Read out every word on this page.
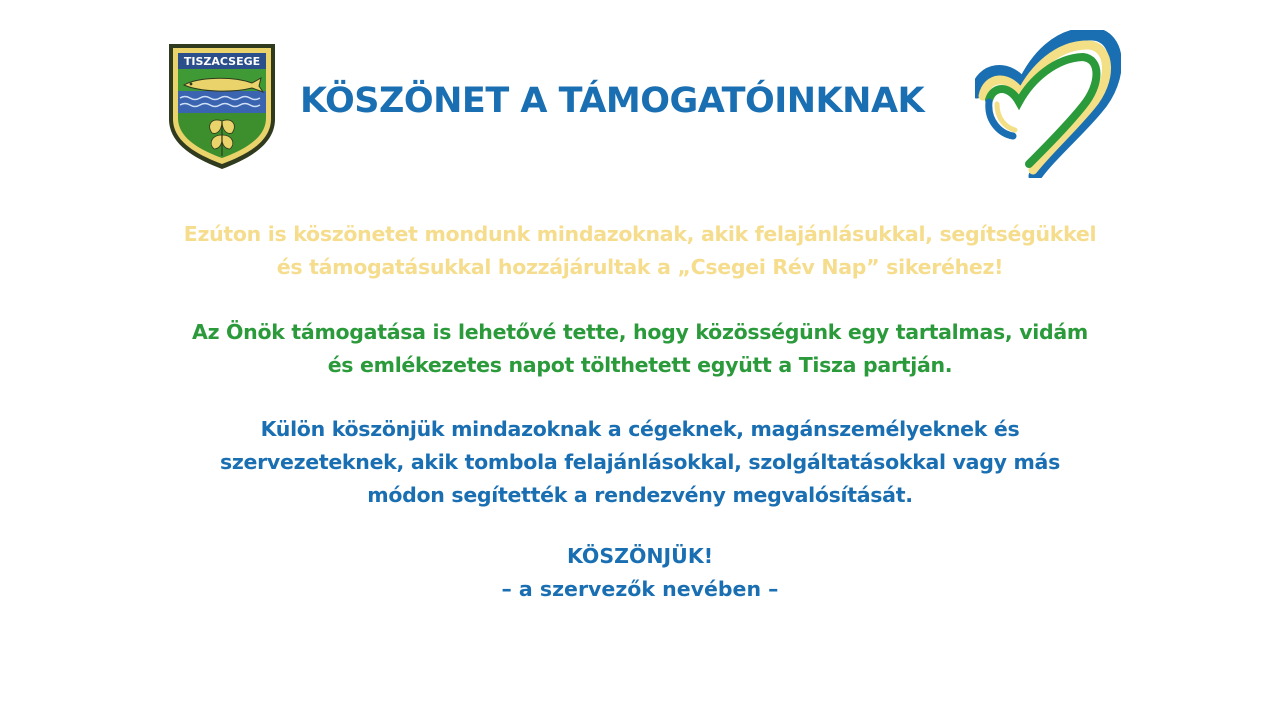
TISZACSEGE
KÖSZÖNET A TÁMOGATÓINKNAK
Ezúton is köszönetet mondunk mindazoknak, akik felajánlásukkal, segítségükkel
és támogatásukkal hozzájárultak a „Csegei Rév Nap” sikeréhez!
Az Önök támogatása is lehetővé tette, hogy közösségünk egy tartalmas, vidám
és emlékezetes napot tölthetett együtt a Tisza partján.
Külön köszönjük mindazoknak a cégeknek, magánszemélyeknek és
szervezeteknek, akik tombola felajánlásokkal, szolgáltatásokkal vagy más
módon segítették a rendezvény megvalósítását.
KÖSZÖNJÜK!
– a szervezők nevében –
